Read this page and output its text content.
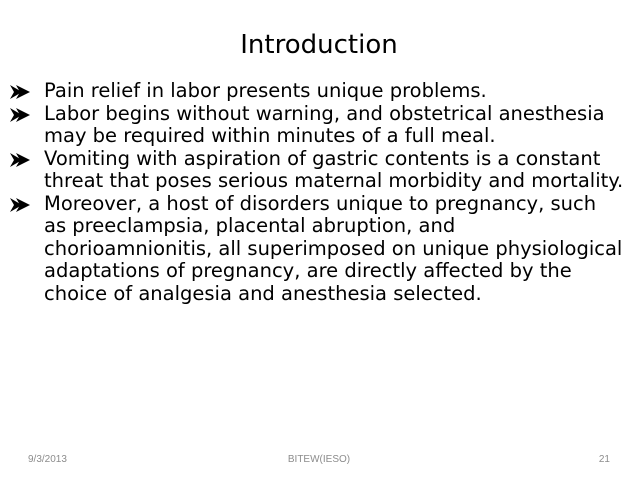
Introduction
Pain relief in labor presents unique problems.
Labor begins without warning, and obstetrical anesthesia may be required within minutes of a full meal.
Vomiting with aspiration of gastric contents is a constant threat that poses serious maternal morbidity and mortality.
Moreover, a host of disorders unique to pregnancy, such as preeclampsia, placental abruption, and chorioamnionitis, all superimposed on unique physiological adaptations of pregnancy, are directly affected by the choice of analgesia and anesthesia selected.
9/3/2013	BITEW(IESO)	21
